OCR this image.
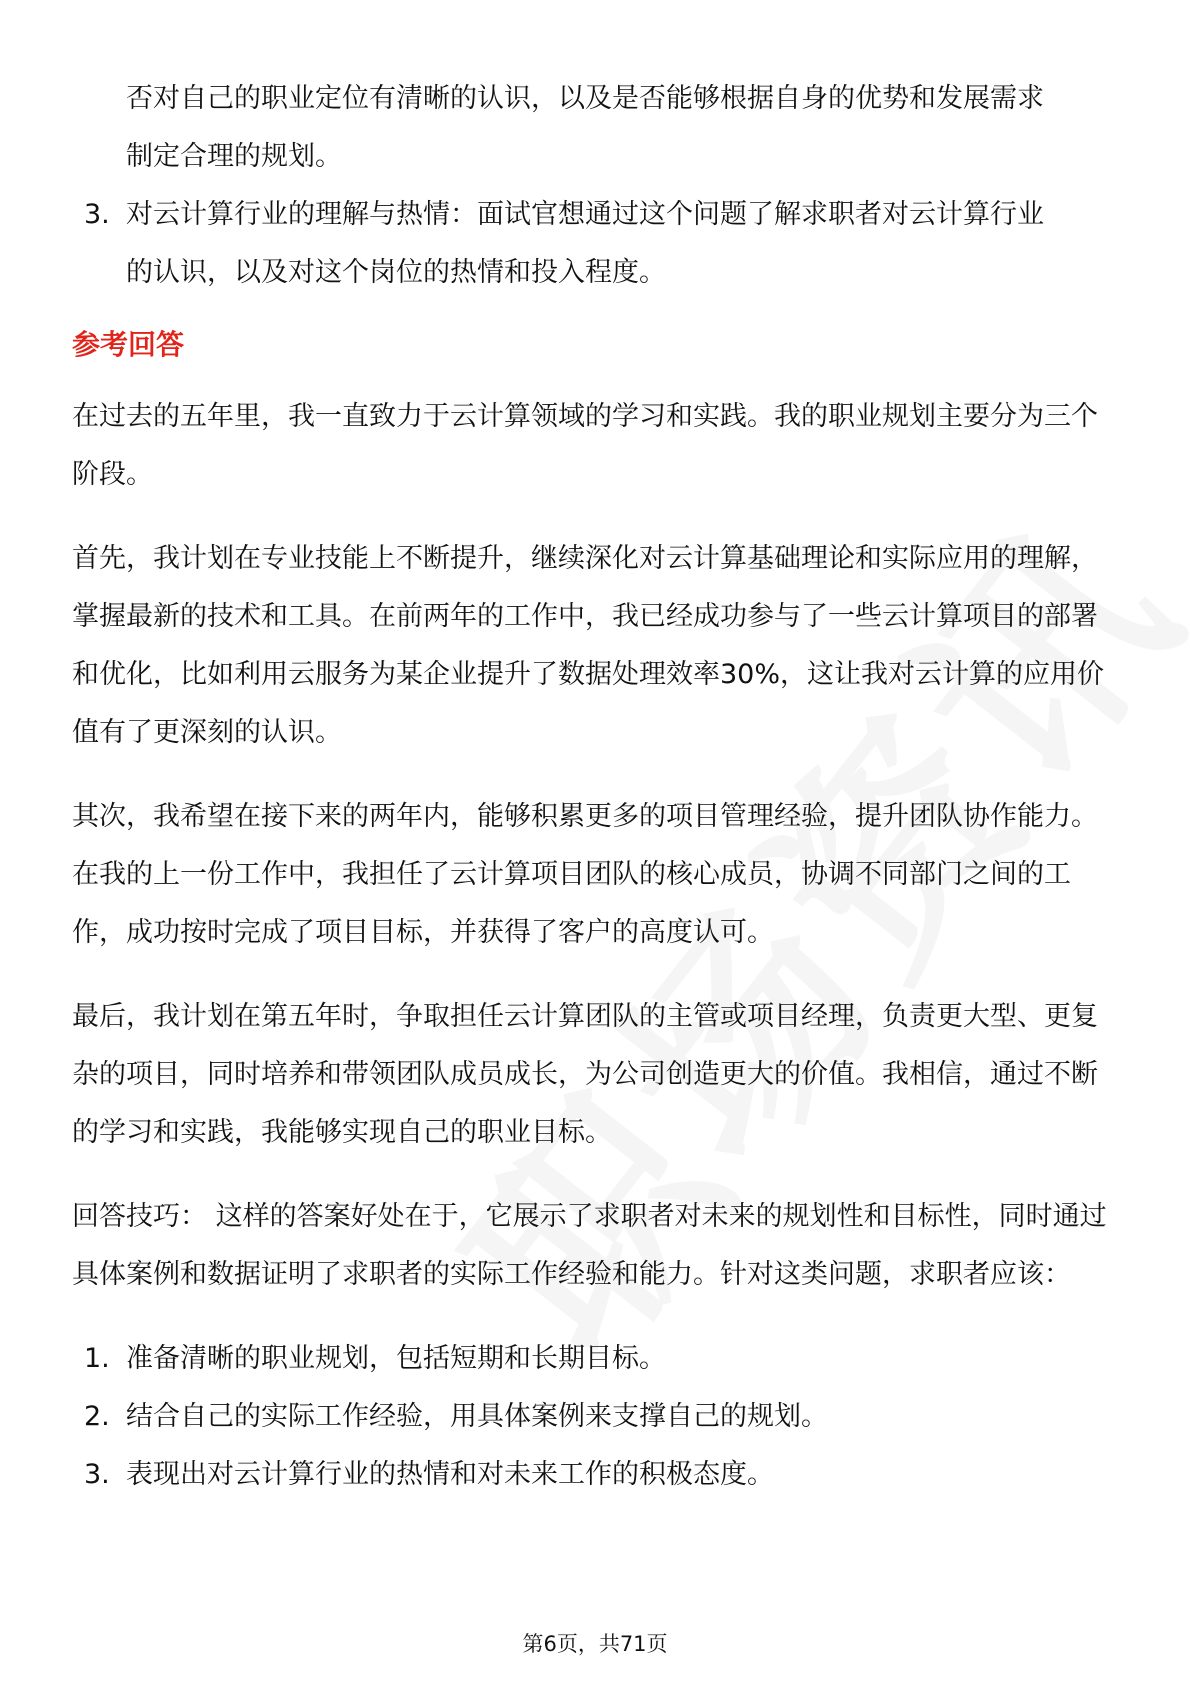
否对自己的职业定位有清晰的认识，以及是否能够根据自身的优势和发展需求

制定合理的规划。

3. 对云计算行业的理解与热情：面试官想通过这个问题了解求职者对云计算行业
的认识，以及对这个岗位的热情和投入程度。
参考回答

在过去的五年里，我一直致力于云计算领域的学习和实践。我的职业规划主要分为三个阶段。

首先，我计划在专业技能上不断提升，继续深化对云计算基础理论和实际应用的理解，掌握最新的技术和工具。在前两年的工作中，我已经成功参与了一些云计算项目的部署和优化，比如利用云服务为某企业提升了数据处理效率30%，这让我对云计算的应用价值有了更深刻的认识。

其次，我希望在接下来的两年内，能够积累更多的项目管理经验，提升团队协作能力。在我的上一份工作中，我担任了云计算项目团队的核心成员，协调不同部门之间的工作，成功按时完成了项目目标，并获得了客户的高度认可。

最后，我计划在第五年时，争取担任云计算团队的主管或项目经理，负责更大型、更复杂的项目，同时培养和带领团队成员成长，为公司创造更大的价值。我相信，通过不断的学习和实践，我能够实现自己的职业目标。

回答技巧： 这样的答案好处在于，它展示了求职者对未来的规划性和目标性，同时通过具体案例和数据证明了求职者的实际工作经验和能力。针对这类问题，求职者应该：

1. 准备清晰的职业规划，包括短期和长期目标。
2. 结合自己的实际工作经验，用具体案例来支撑自己的规划。
3. 表现出对云计算行业的热情和对未来工作的积极态度。
第6页，共71页
